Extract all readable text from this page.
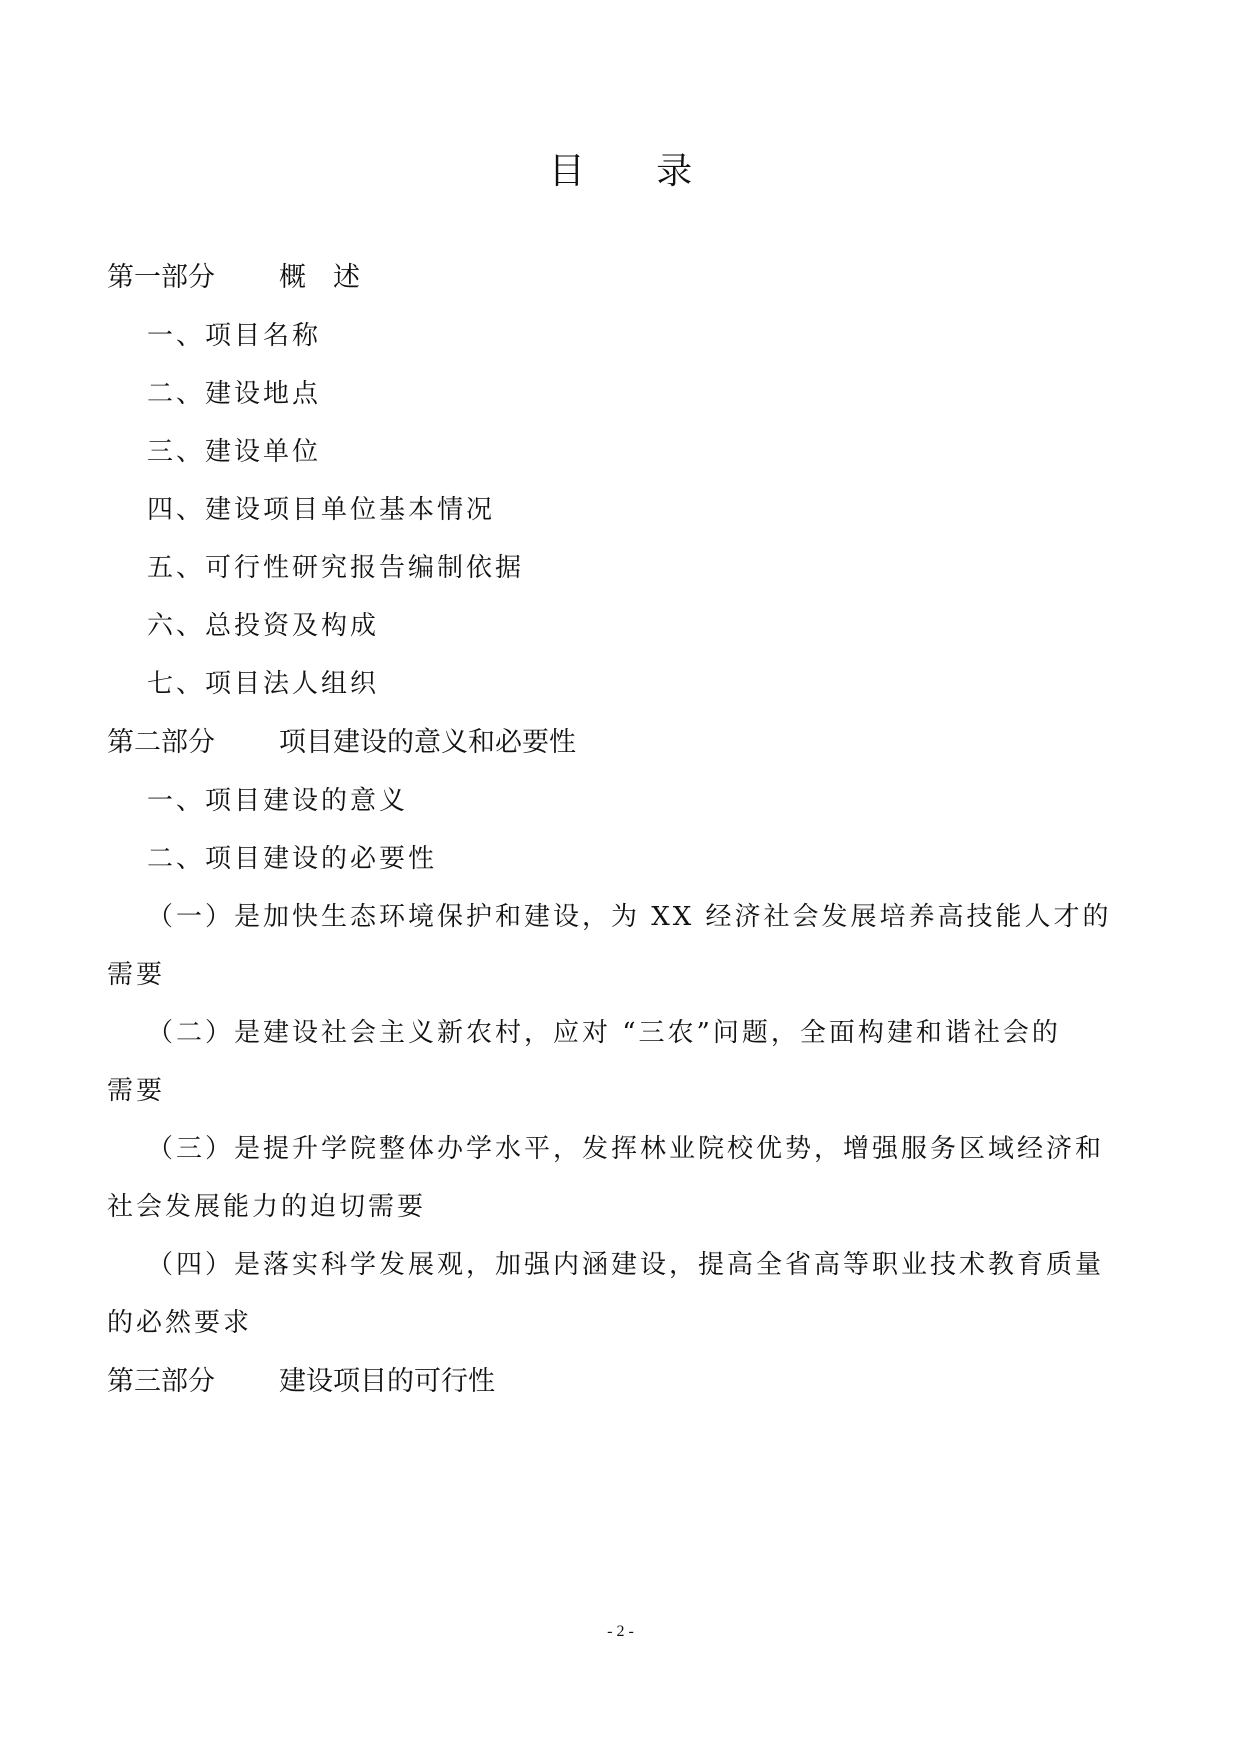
目 录
第一部分 概　述
一、项目名称
二、建设地点
三、建设单位
四、建设项目单位基本情况
五、可行性研究报告编制依据
六、总投资及构成
七、项目法人组织
第二部分 项目建设的意义和必要性
一、项目建设的意义
二、项目建设的必要性
（一）是加快生态环境保护和建设，为 XX 经济社会发展培养高技能人才的
需要
（二）是建设社会主义新农村，应对 “三农”问题，全面构建和谐社会的
需要
（三）是提升学院整体办学水平，发挥林业院校优势，增强服务区域经济和
社会发展能力的迫切需要
（四）是落实科学发展观，加强内涵建设，提高全省高等职业技术教育质量
的必然要求
第三部分 建设项目的可行性
- 2 -
